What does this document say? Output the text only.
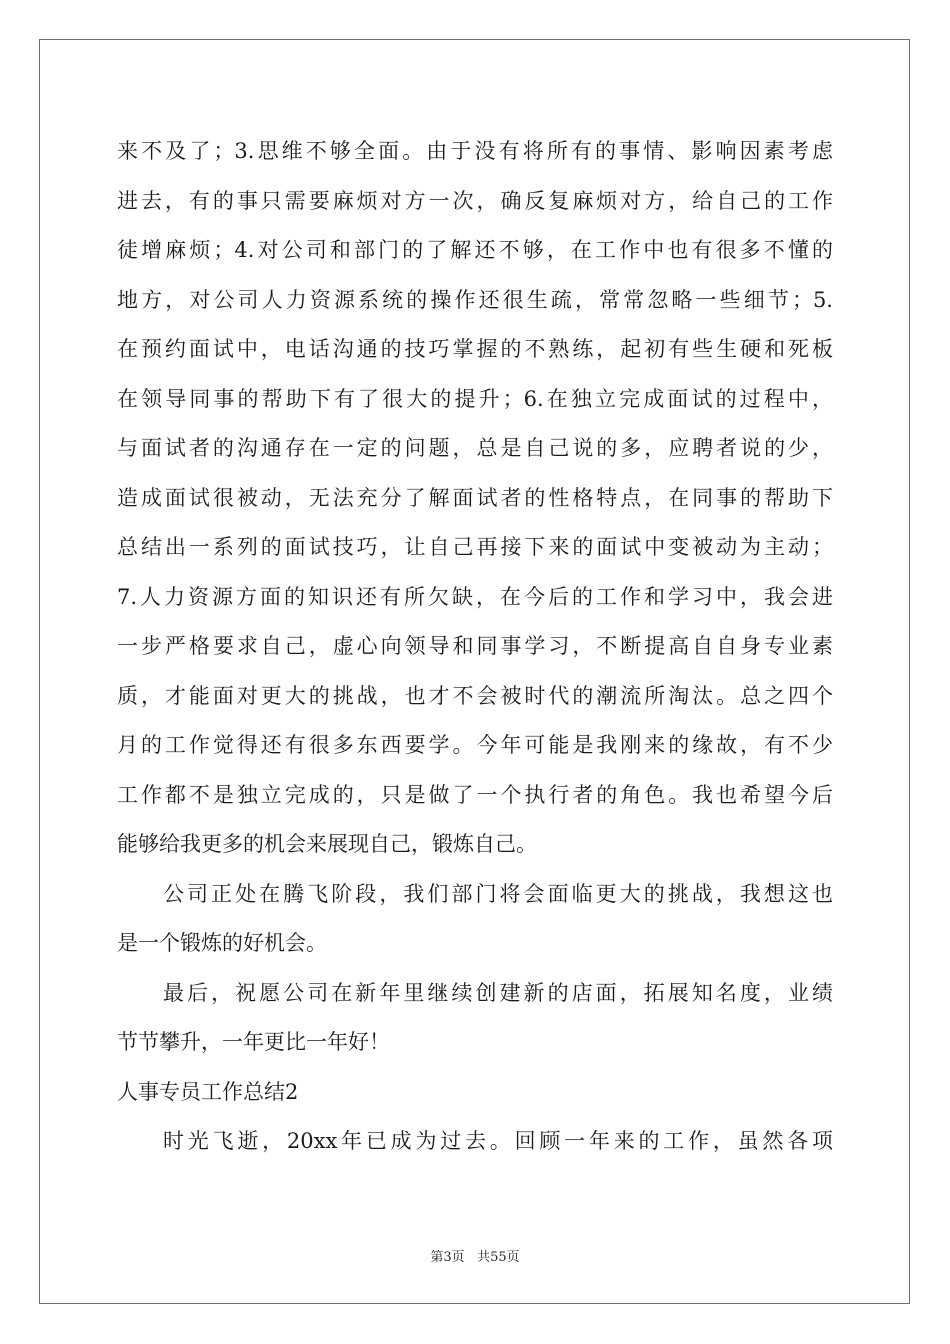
来不及了；3.思维不够全面。由于没有将所有的事情、影响因素考虑
进去，有的事只需要麻烦对方一次，确反复麻烦对方，给自己的工作
徒增麻烦；4.对公司和部门的了解还不够，在工作中也有很多不懂的
地方，对公司人力资源系统的操作还很生疏，常常忽略一些细节；5.
在预约面试中，电话沟通的技巧掌握的不熟练，起初有些生硬和死板
在领导同事的帮助下有了很大的提升；6.在独立完成面试的过程中，
与面试者的沟通存在一定的问题，总是自己说的多，应聘者说的少，
造成面试很被动，无法充分了解面试者的性格特点，在同事的帮助下
总结出一系列的面试技巧，让自己再接下来的面试中变被动为主动；
7.人力资源方面的知识还有所欠缺，在今后的工作和学习中，我会进
一步严格要求自己，虚心向领导和同事学习，不断提高自自身专业素
质，才能面对更大的挑战，也才不会被时代的潮流所淘汰。总之四个
月的工作觉得还有很多东西要学。今年可能是我刚来的缘故，有不少
工作都不是独立完成的，只是做了一个执行者的角色。我也希望今后
能够给我更多的机会来展现自己，锻炼自己。
公司正处在腾飞阶段，我们部门将会面临更大的挑战，我想这也
是一个锻炼的好机会。
最后，祝愿公司在新年里继续创建新的店面，拓展知名度，业绩
节节攀升，一年更比一年好！
人事专员工作总结2
时光飞逝，20xx年已成为过去。回顾一年来的工作，虽然各项
第3页 共55页
